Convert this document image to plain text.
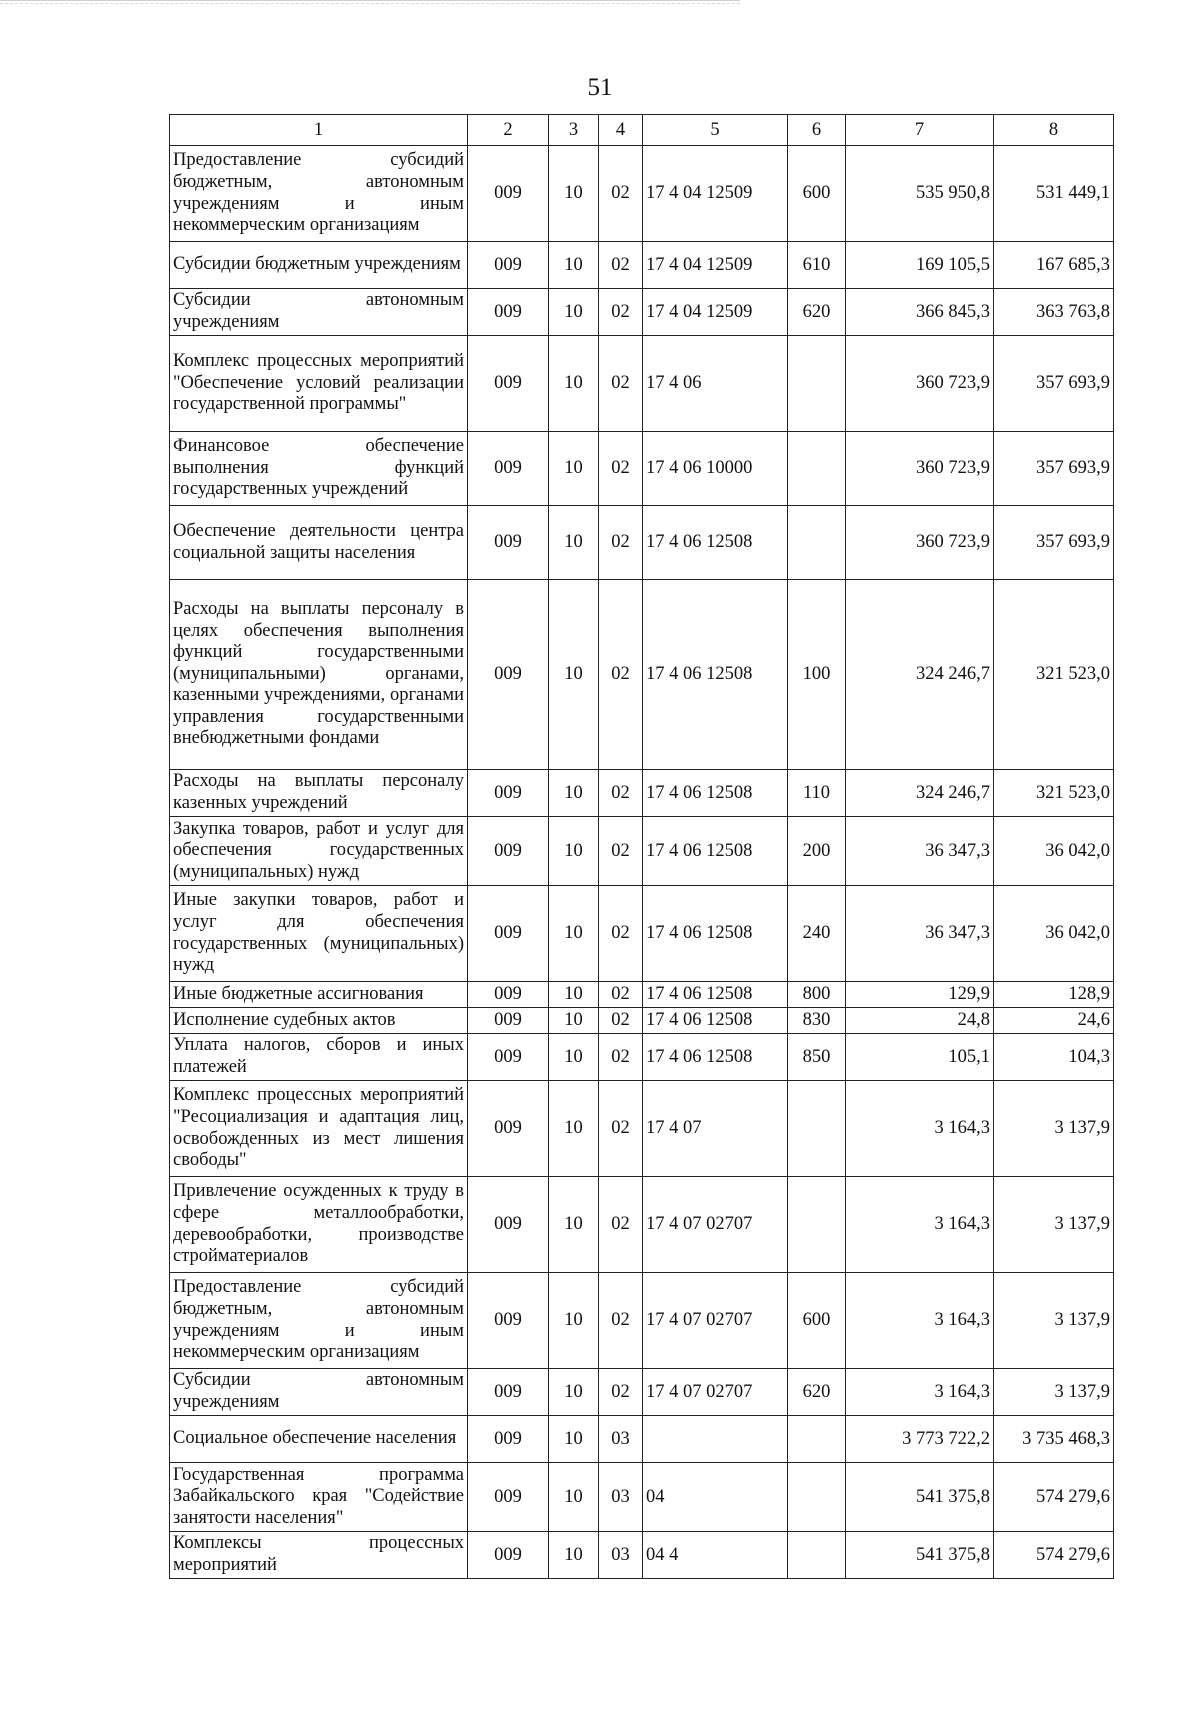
51
1	2	3	4	5	6	7	8
Предоставление субсидий бюджетным, автономным учреждениям и иным некоммерческим организациям	009	10	02	17 4 04 12509	600	535 950,8	531 449,1
Субсидии бюджетным учреждениям	009	10	02	17 4 04 12509	610	169 105,5	167 685,3
Субсидии автономным учреждениям	009	10	02	17 4 04 12509	620	366 845,3	363 763,8
Комплекс процессных мероприятий "Обеспечение условий реализации государственной программы"	009	10	02	17 4 06		360 723,9	357 693,9
Финансовое обеспечение выполнения функций государственных учреждений	009	10	02	17 4 06 10000		360 723,9	357 693,9
Обеспечение деятельности центра социальной защиты населения	009	10	02	17 4 06 12508		360 723,9	357 693,9
Расходы на выплаты персоналу в целях обеспечения выполнения функций государственными (муниципальными) органами, казенными учреждениями, органами управления государственными внебюджетными фондами	009	10	02	17 4 06 12508	100	324 246,7	321 523,0
Расходы на выплаты персоналу казенных учреждений	009	10	02	17 4 06 12508	110	324 246,7	321 523,0
Закупка товаров, работ и услуг для обеспечения государственных (муниципальных) нужд	009	10	02	17 4 06 12508	200	36 347,3	36 042,0
Иные закупки товаров, работ и услуг для обеспечения государственных (муниципальных) нужд	009	10	02	17 4 06 12508	240	36 347,3	36 042,0
Иные бюджетные ассигнования	009	10	02	17 4 06 12508	800	129,9	128,9
Исполнение судебных актов	009	10	02	17 4 06 12508	830	24,8	24,6
Уплата налогов, сборов и иных платежей	009	10	02	17 4 06 12508	850	105,1	104,3
Комплекс процессных мероприятий "Ресоциализация и адаптация лиц, освобожденных из мест лишения свободы"	009	10	02	17 4 07		3 164,3	3 137,9
Привлечение осужденных к труду в сфере металлообработки, деревообработки, производстве стройматериалов	009	10	02	17 4 07 02707		3 164,3	3 137,9
Предоставление субсидий бюджетным, автономным учреждениям и иным некоммерческим организациям	009	10	02	17 4 07 02707	600	3 164,3	3 137,9
Субсидии автономным учреждениям	009	10	02	17 4 07 02707	620	3 164,3	3 137,9
Социальное обеспечение населения	009	10	03			3 773 722,2	3 735 468,3
Государственная программа Забайкальского края "Содействие занятости населения"	009	10	03	04		541 375,8	574 279,6
Комплексы процессных мероприятий	009	10	03	04 4		541 375,8	574 279,6
